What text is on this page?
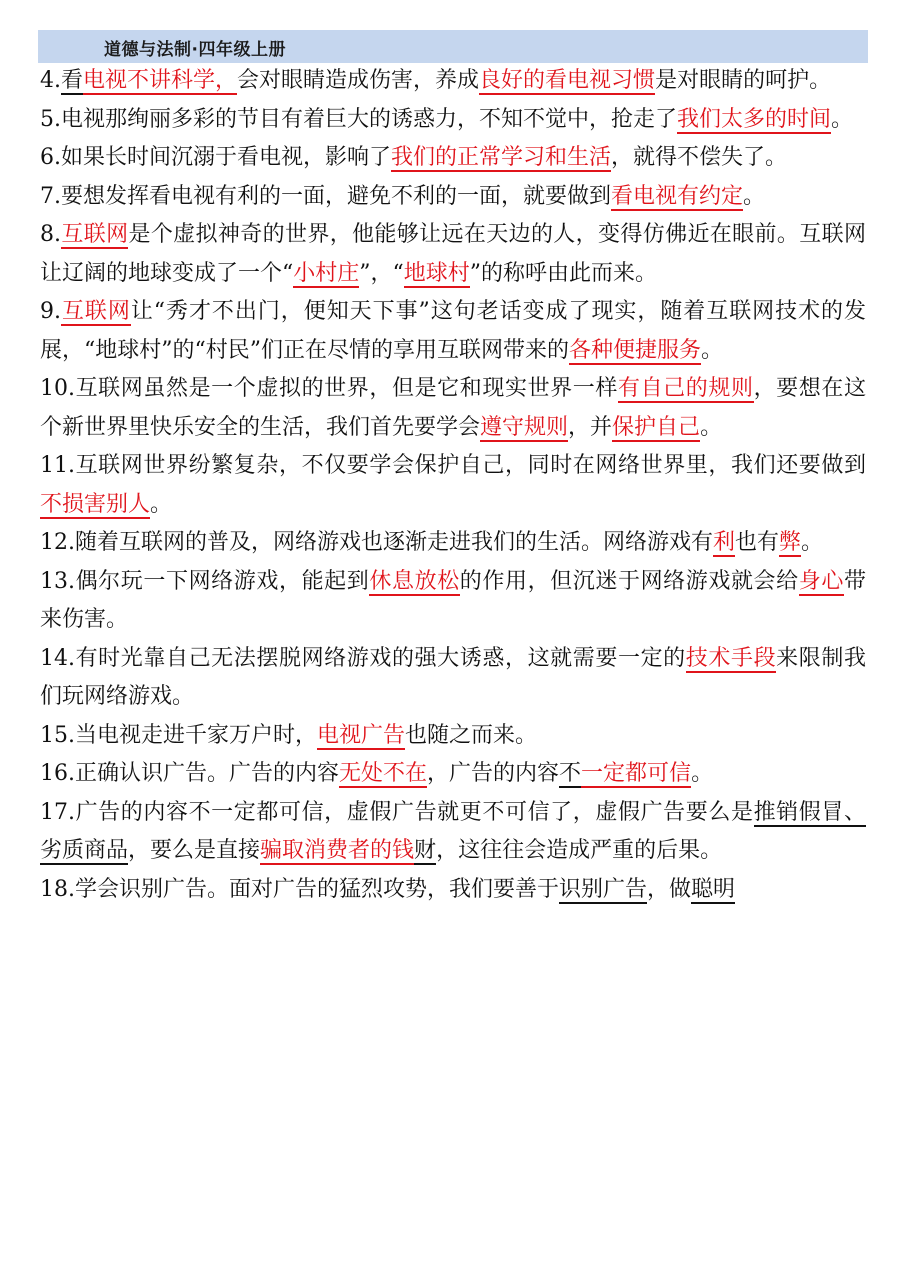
道德与法制·四年级上册

4.看电视不讲科学，会对眼睛造成伤害，养成良好的看电视习惯是对眼睛的呵护。

5.电视那绚丽多彩的节目有着巨大的诱惑力，不知不觉中，抢走了我们太多的时间。

6.如果长时间沉溺于看电视，影响了我们的正常学习和生活，就得不偿失了。

7.要想发挥看电视有利的一面，避免不利的一面，就要做到看电视有约定。

8.互联网是个虚拟神奇的世界，他能够让远在天边的人，变得仿佛近在眼前。互联网让辽阔的地球变成了一个“小村庄”，“地球村”的称呼由此而来。

9.互联网让“秀才不出门，便知天下事”这句老话变成了现实，随着互联网技术的发展，“地球村”的“村民”们正在尽情的享用互联网带来的各种便捷服务。

10.互联网虽然是一个虚拟的世界，但是它和现实世界一样有自己的规则，要想在这个新世界里快乐安全的生活，我们首先要学会遵守规则，并保护自己。

11.互联网世界纷繁复杂，不仅要学会保护自己，同时在网络世界里，我们还要做到不损害别人。

12.随着互联网的普及，网络游戏也逐渐走进我们的生活。网络游戏有利也有弊。

13.偶尔玩一下网络游戏，能起到休息放松的作用，但沉迷于网络游戏就会给身心带来伤害。

14.有时光靠自己无法摆脱网络游戏的强大诱惑，这就需要一定的技术手段来限制我们玩网络游戏。

15.当电视走进千家万户时，电视广告也随之而来。

16.正确认识广告。广告的内容无处不在，广告的内容不一定都可信。

17.广告的内容不一定都可信，虚假广告就更不可信了，虚假广告要么是推销假冒、劣质商品，要么是直接骗取消费者的钱财，这往往会造成严重的后果。

18.学会识别广告。面对广告的猛烈攻势，我们要善于识别广告，做聪明
